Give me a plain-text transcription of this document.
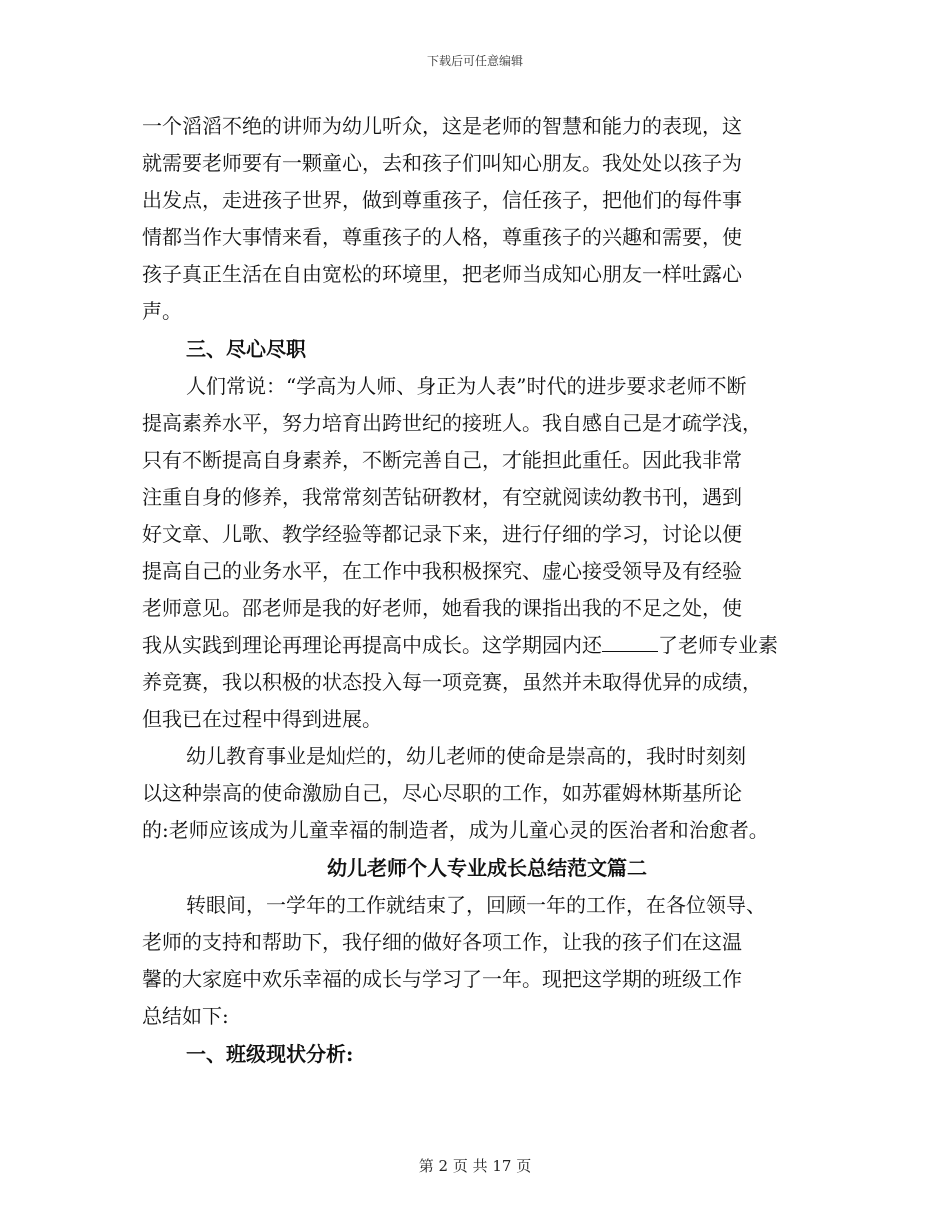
下载后可任意编辑
一个滔滔不绝的讲师为幼儿听众，这是老师的智慧和能力的表现，这
就需要老师要有一颗童心，去和孩子们叫知心朋友。我处处以孩子为
出发点，走进孩子世界，做到尊重孩子，信任孩子，把他们的每件事
情都当作大事情来看，尊重孩子的人格，尊重孩子的兴趣和需要，使
孩子真正生活在自由宽松的环境里，把老师当成知心朋友一样吐露心
声。
三、尽心尽职
人们常说：“学高为人师、身正为人表”时代的进步要求老师不断
提高素养水平，努力培育出跨世纪的接班人。我自感自己是才疏学浅，
只有不断提高自身素养，不断完善自己，才能担此重任。因此我非常
注重自身的修养，我常常刻苦钻研教材，有空就阅读幼教书刊，遇到
好文章、儿歌、教学经验等都记录下来，进行仔细的学习，讨论以便
提高自己的业务水平，在工作中我积极探究、虚心接受领导及有经验
老师意见。邵老师是我的好老师，她看我的课指出我的不足之处，使
我从实践到理论再理论再提高中成长。这学期园内还	了老师专业素
养竞赛，我以积极的状态投入每一项竞赛，虽然并未取得优异的成绩，
但我已在过程中得到进展。
幼儿教育事业是灿烂的，幼儿老师的使命是崇高的，我时时刻刻
以这种崇高的使命激励自己，尽心尽职的工作，如苏霍姆林斯基所论
的:老师应该成为儿童幸福的制造者，成为儿童心灵的医治者和治愈者。
幼儿老师个人专业成长总结范文篇二
转眼间，一学年的工作就结束了，回顾一年的工作，在各位领导、
老师的支持和帮助下，我仔细的做好各项工作，让我的孩子们在这温
馨的大家庭中欢乐幸福的成长与学习了一年。现把这学期的班级工作
总结如下:
一、班级现状分析:
第 2 页 共 17 页
